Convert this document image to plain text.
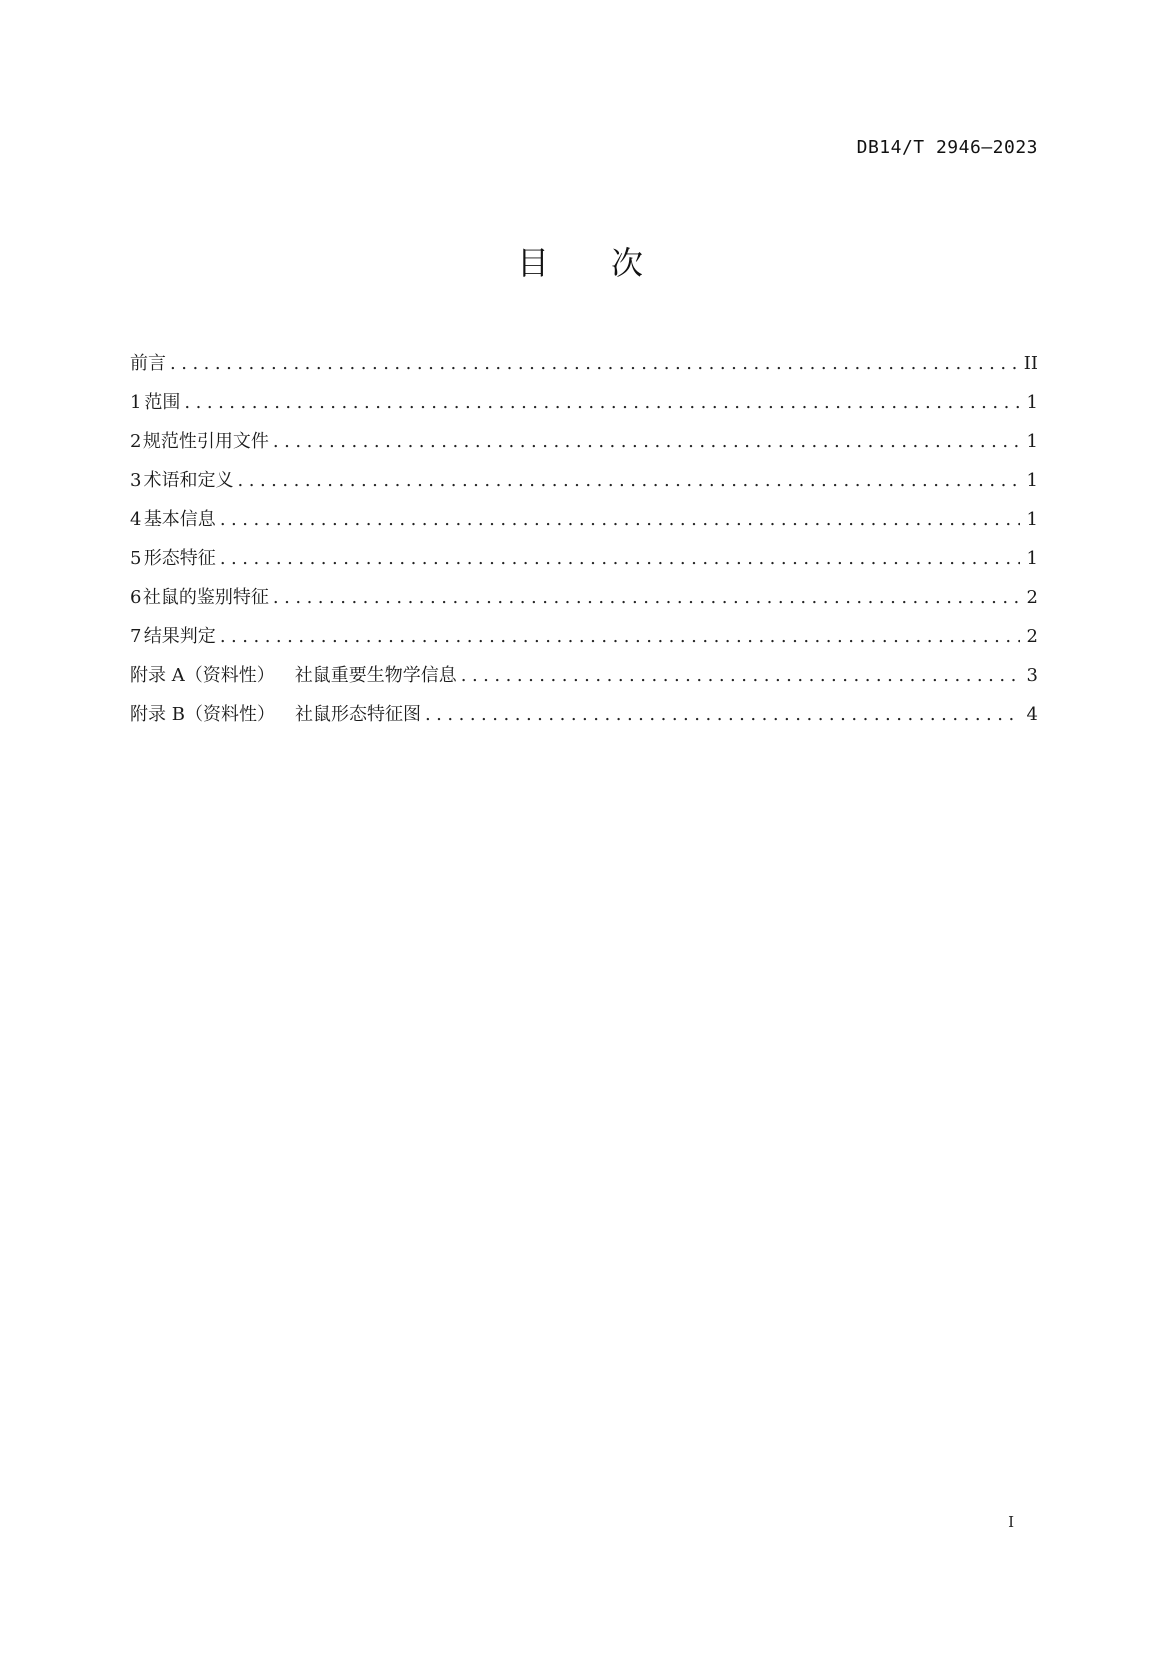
DB14/T 2946—2023
目 次
前言 .....	II
1 范围 .....	1
2 规范性引用文件 .....	1
3 术语和定义 .....	1
4 基本信息 .....	1
5 形态特征 .....	1
6 社鼠的鉴别特征 .....	2
7 结果判定 .....	2
附录 A（资料性） 社鼠重要生物学信息 .....	3
附录 B（资料性） 社鼠形态特征图 .....	4
I
